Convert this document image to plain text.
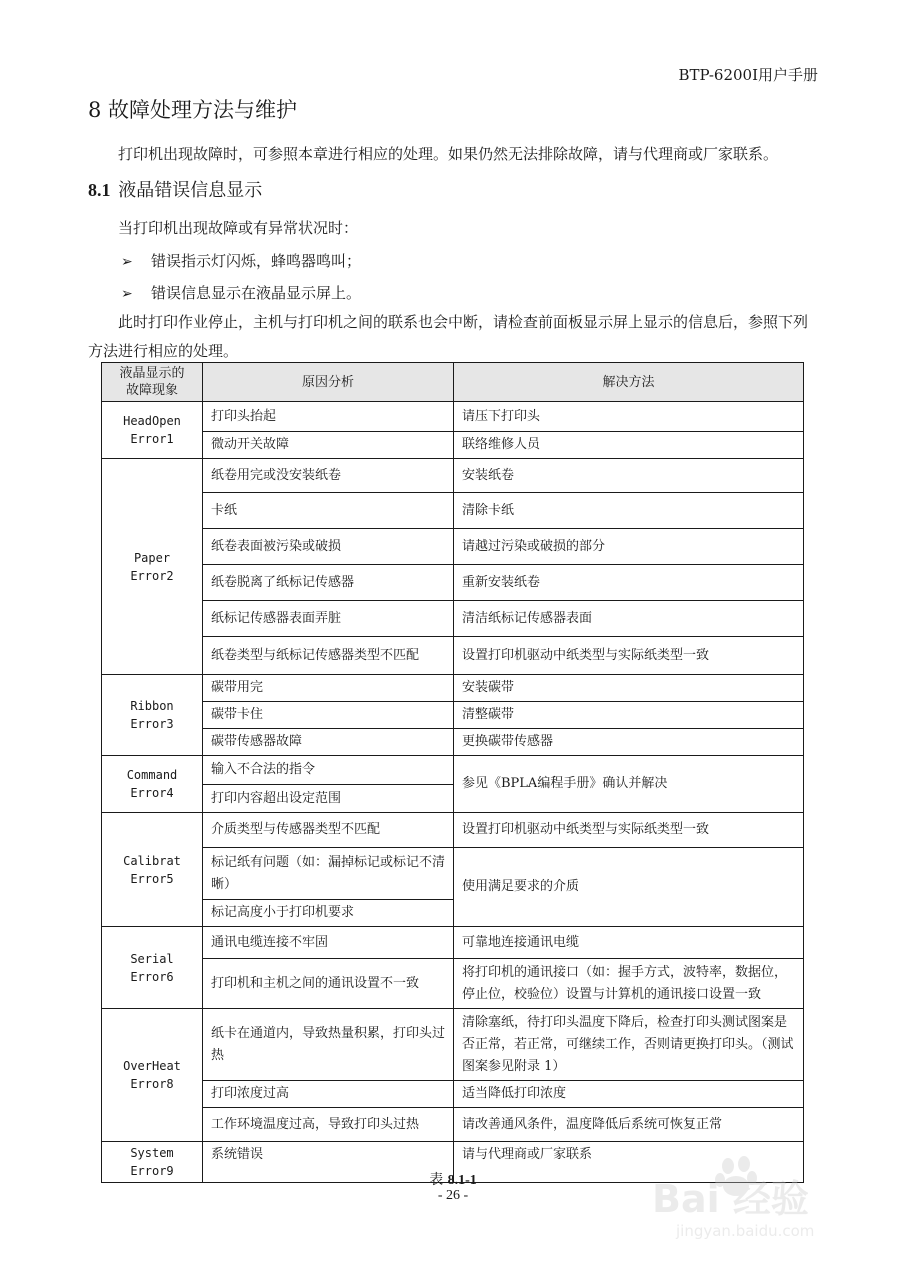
BTP-6200I用户手册
8 故障处理方法与维护
打印机出现故障时，可参照本章进行相应的处理。如果仍然无法排除故障，请与代理商或厂家联系。
8.1 液晶错误信息显示
当打印机出现故障或有异常状况时：
➢ 错误指示灯闪烁，蜂鸣器鸣叫；
➢ 错误信息显示在液晶显示屏上。
此时打印作业停止，主机与打印机之间的联系也会中断，请检查前面板显示屏上显示的信息后，参照下列方法进行相应的处理。
液晶显示的故障现象	原因分析	解决方法
HeadOpen
Error1	打印头抬起	请压下打印头
	微动开关故障	联络维修人员
Paper
Error2	纸卷用完或没安装纸卷	安装纸卷
	卡纸	清除卡纸
	纸卷表面被污染或破损	请越过污染或破损的部分
	纸卷脱离了纸标记传感器	重新安装纸卷
	纸标记传感器表面弄脏	清洁纸标记传感器表面
	纸卷类型与纸标记传感器类型不匹配	设置打印机驱动中纸类型与实际纸类型一致
Ribbon
Error3	碳带用完	安装碳带
	碳带卡住	清整碳带
	碳带传感器故障	更换碳带传感器
Command
Error4	输入不合法的指令	参见《BPLA编程手册》确认并解决
	打印内容超出设定范围	
Calibrat
Error5	介质类型与传感器类型不匹配	设置打印机驱动中纸类型与实际纸类型一致
	标记纸有问题（如：漏掉标记或标记不清晰）	使用满足要求的介质
	标记高度小于打印机要求	
Serial
Error6	通讯电缆连接不牢固	可靠地连接通讯电缆
	打印机和主机之间的通讯设置不一致	将打印机的通讯接口（如：握手方式，波特率，数据位，停止位，校验位）设置与计算机的通讯接口设置一致
OverHeat
Error8	纸卡在通道内，导致热量积累，打印头过热	清除塞纸，待打印头温度下降后，检查打印头测试图案是否正常，若正常，可继续工作，否则请更换打印头。（测试图案参见附录 1）
	打印浓度过高	适当降低打印浓度
	工作环境温度过高，导致打印头过热	请改善通风条件，温度降低后系统可恢复正常
System
Error9	系统错误	请与代理商或厂家联系
表 8.1-1
- 26 -	Bai 经验
jingyan.baidu.com
